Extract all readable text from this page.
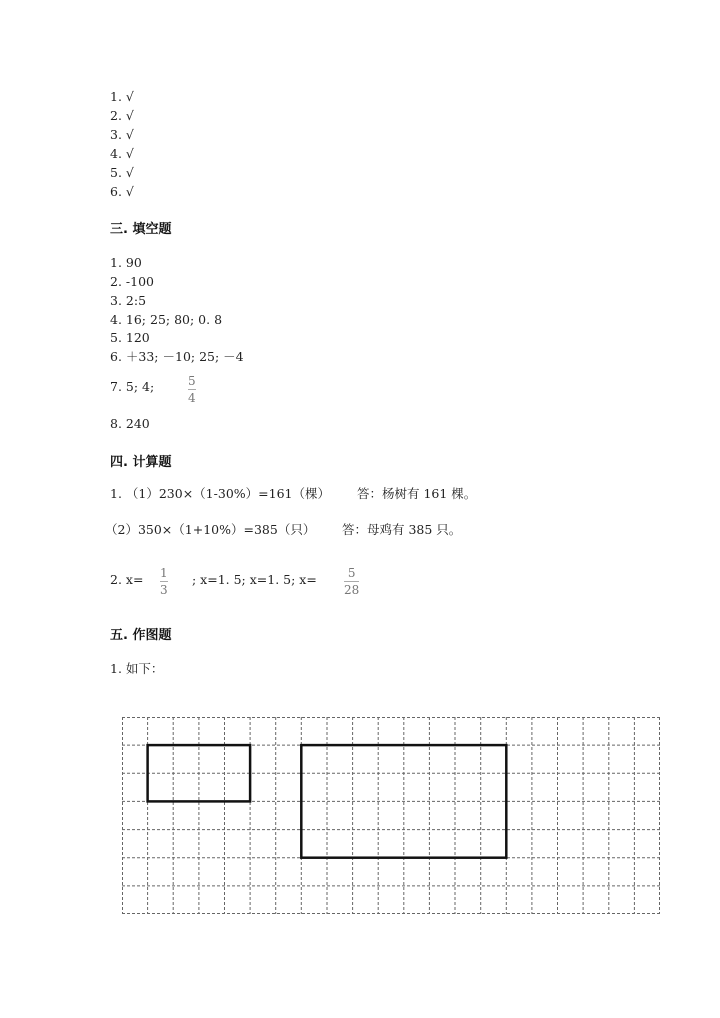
1. √
2. √
3. √
4. √
5. √
6. √
三. 填空题
1. 90
2. -100
3. 2:5
4. 16; 25; 80; 0. 8
5. 120
6. ＋33; －10; 25; －4
7. 5; 4;	5
4
8. 240
四. 计算题
1. （1）230×（1-30%）=161（棵） 答：杨树有 161 棵。
（2）350×（1+10%）=385（只） 答：母鸡有 385 只。
2. x= 1
3
; x=1. 5; x=1. 5; x=	5
28
五. 作图题
1. 如下：
